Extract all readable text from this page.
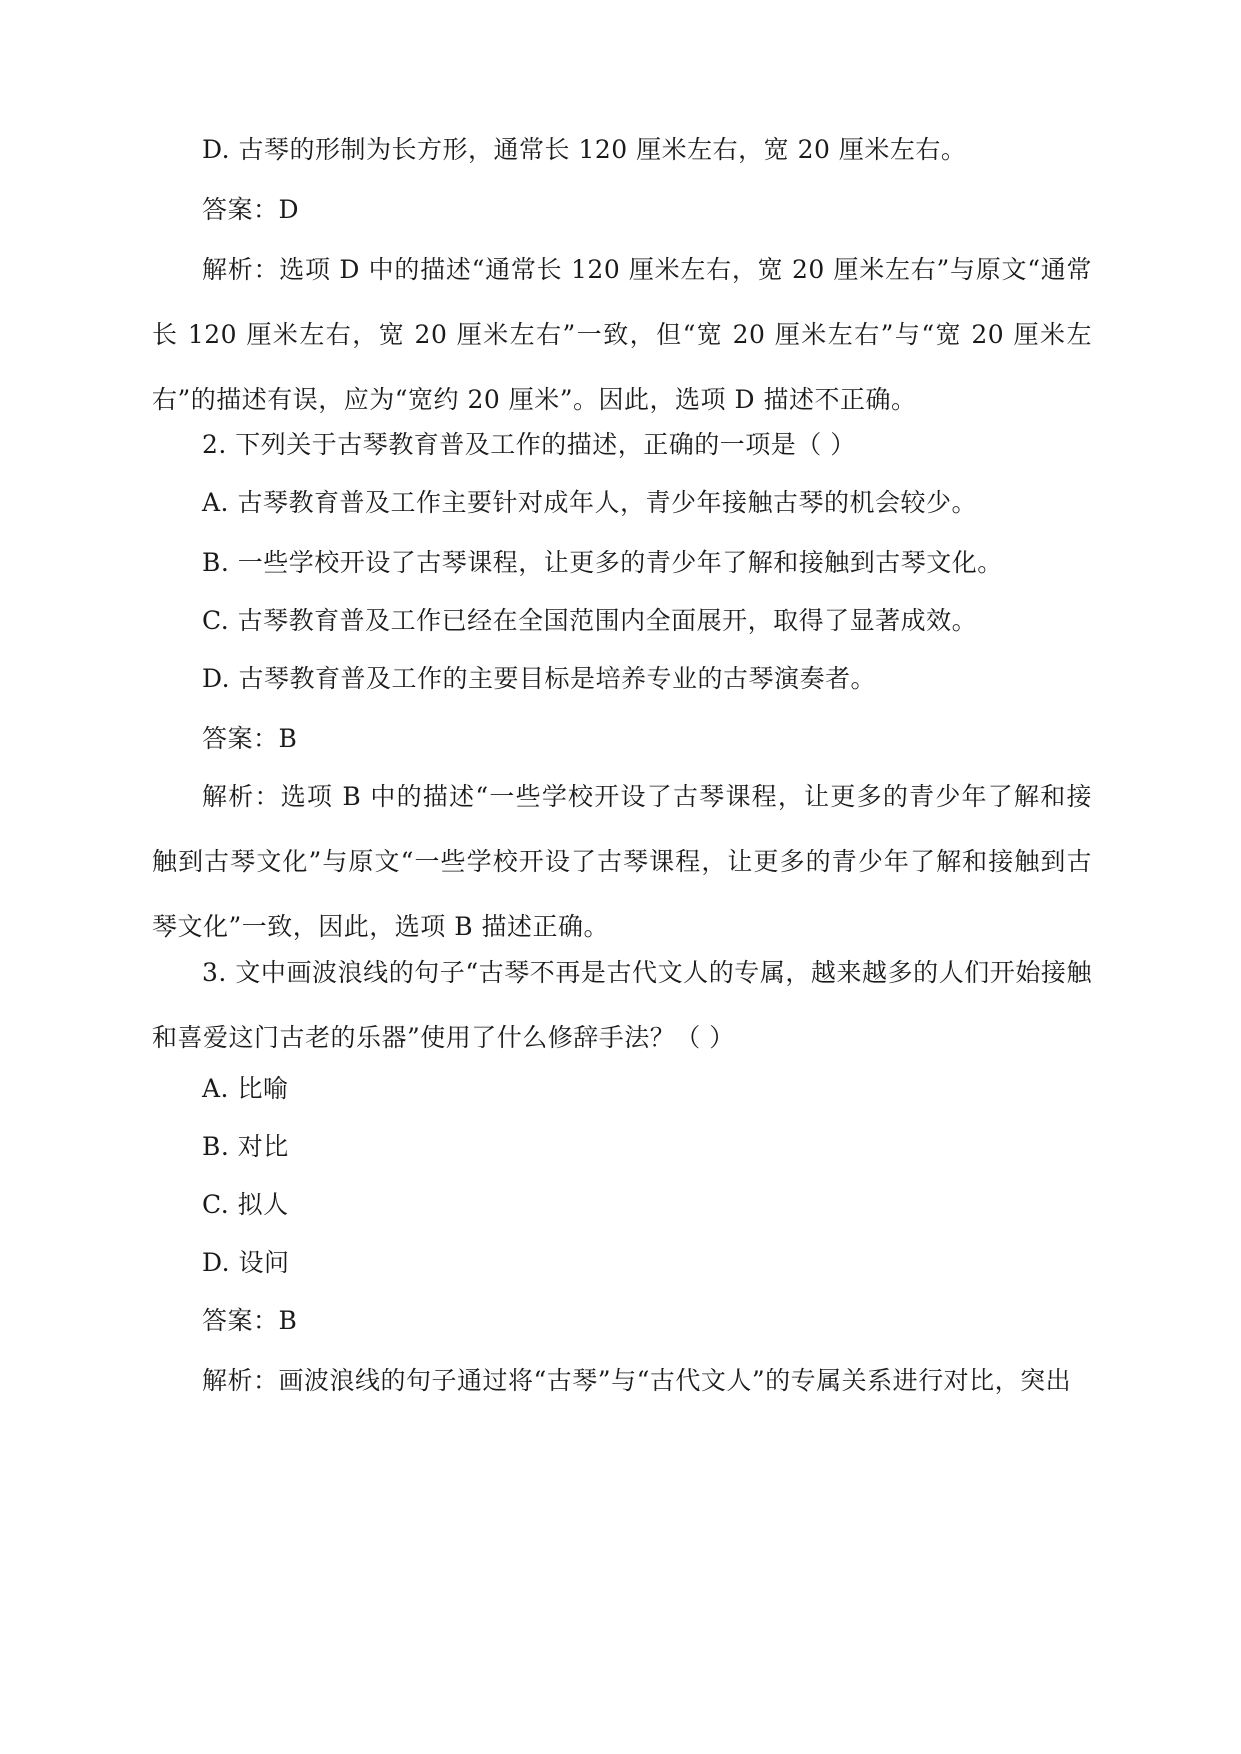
D. 古琴的形制为长方形，通常长 120 厘米左右，宽 20 厘米左右。

答案：D

解析：选项 D 中的描述“通常长 120 厘米左右，宽 20 厘米左右”与原文“通常长 120 厘米左右，宽 20 厘米左右”一致，但“宽 20 厘米左右”与“宽 20 厘米左右”的描述有误，应为“宽约 20 厘米”。因此，选项 D 描述不正确。

2. 下列关于古琴教育普及工作的描述，正确的一项是（ ）

A. 古琴教育普及工作主要针对成年人，青少年接触古琴的机会较少。

B. 一些学校开设了古琴课程，让更多的青少年了解和接触到古琴文化。

C. 古琴教育普及工作已经在全国范围内全面展开，取得了显著成效。

D. 古琴教育普及工作的主要目标是培养专业的古琴演奏者。

答案：B

解析：选项 B 中的描述“一些学校开设了古琴课程，让更多的青少年了解和接触到古琴文化”与原文“一些学校开设了古琴课程，让更多的青少年了解和接触到古琴文化”一致，因此，选项 B 描述正确。

3. 文中画波浪线的句子“古琴不再是古代文人的专属，越来越多的人们开始接触和喜爱这门古老的乐器”使用了什么修辞手法？（ ）

A. 比喻

B. 对比

C. 拟人

D. 设问

答案：B

解析：画波浪线的句子通过将“古琴”与“古代文人”的专属关系进行对比，突出
